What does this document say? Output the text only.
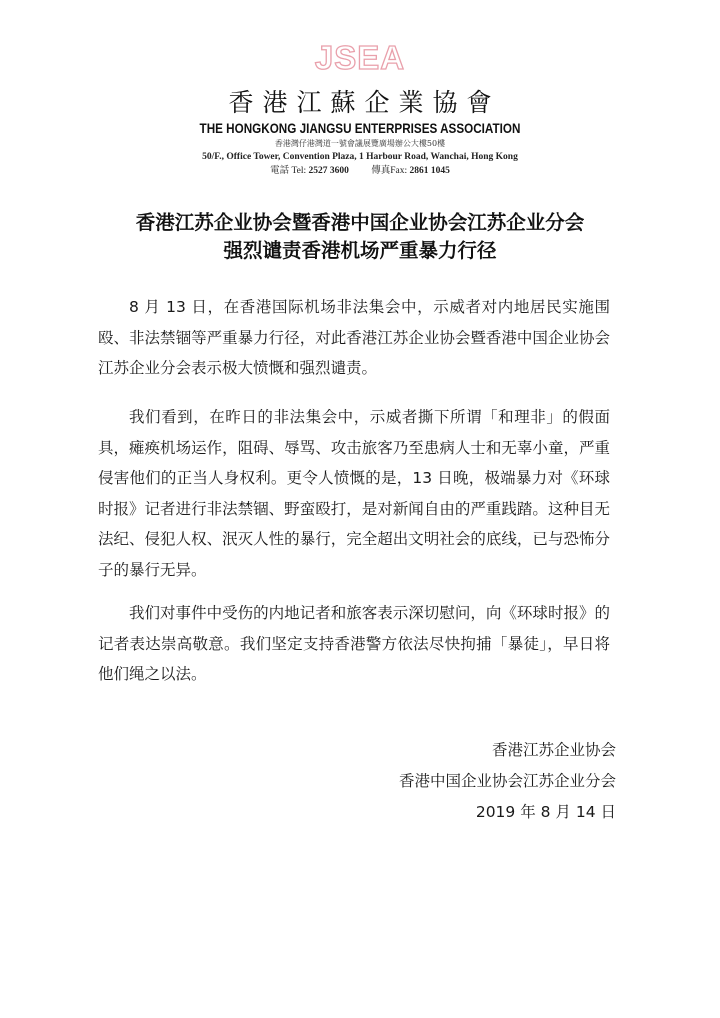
JSEA
香港江蘇企業協會
THE HONGKONG JIANGSU ENTERPRISES ASSOCIATION
香港灣仔港灣道一號會議展覽廣場辦公大樓50樓
50/F., Office Tower, Convention Plaza, 1 Harbour Road, Wanchai, Hong Kong
電話 Tel: 2527 3600 傳真Fax: 2861 1045
香港江苏企业协会暨香港中国企业协会江苏企业分会
强烈谴责香港机场严重暴力行径
8 月 13 日，在香港国际机场非法集会中，示威者对内地居民实施围殴、非法禁锢等严重暴力行径，对此香港江苏企业协会暨香港中国企业协会江苏企业分会表示极大愤慨和强烈谴责。
我们看到，在昨日的非法集会中，示威者撕下所谓「和理非」的假面具，瘫痪机场运作，阻碍、辱骂、攻击旅客乃至患病人士和无辜小童，严重侵害他们的正当人身权利。更令人愤慨的是，13 日晚，极端暴力对《环球时报》记者进行非法禁锢、野蛮殴打，是对新闻自由的严重践踏。这种目无法纪、侵犯人权、泯灭人性的暴行，完全超出文明社会的底线，已与恐怖分子的暴行无异。
我们对事件中受伤的内地记者和旅客表示深切慰问，向《环球时报》的记者表达崇高敬意。我们坚定支持香港警方依法尽快拘捕「暴徒」，早日将他们绳之以法。
香港江苏企业协会
香港中国企业协会江苏企业分会
2019 年 8 月 14 日
